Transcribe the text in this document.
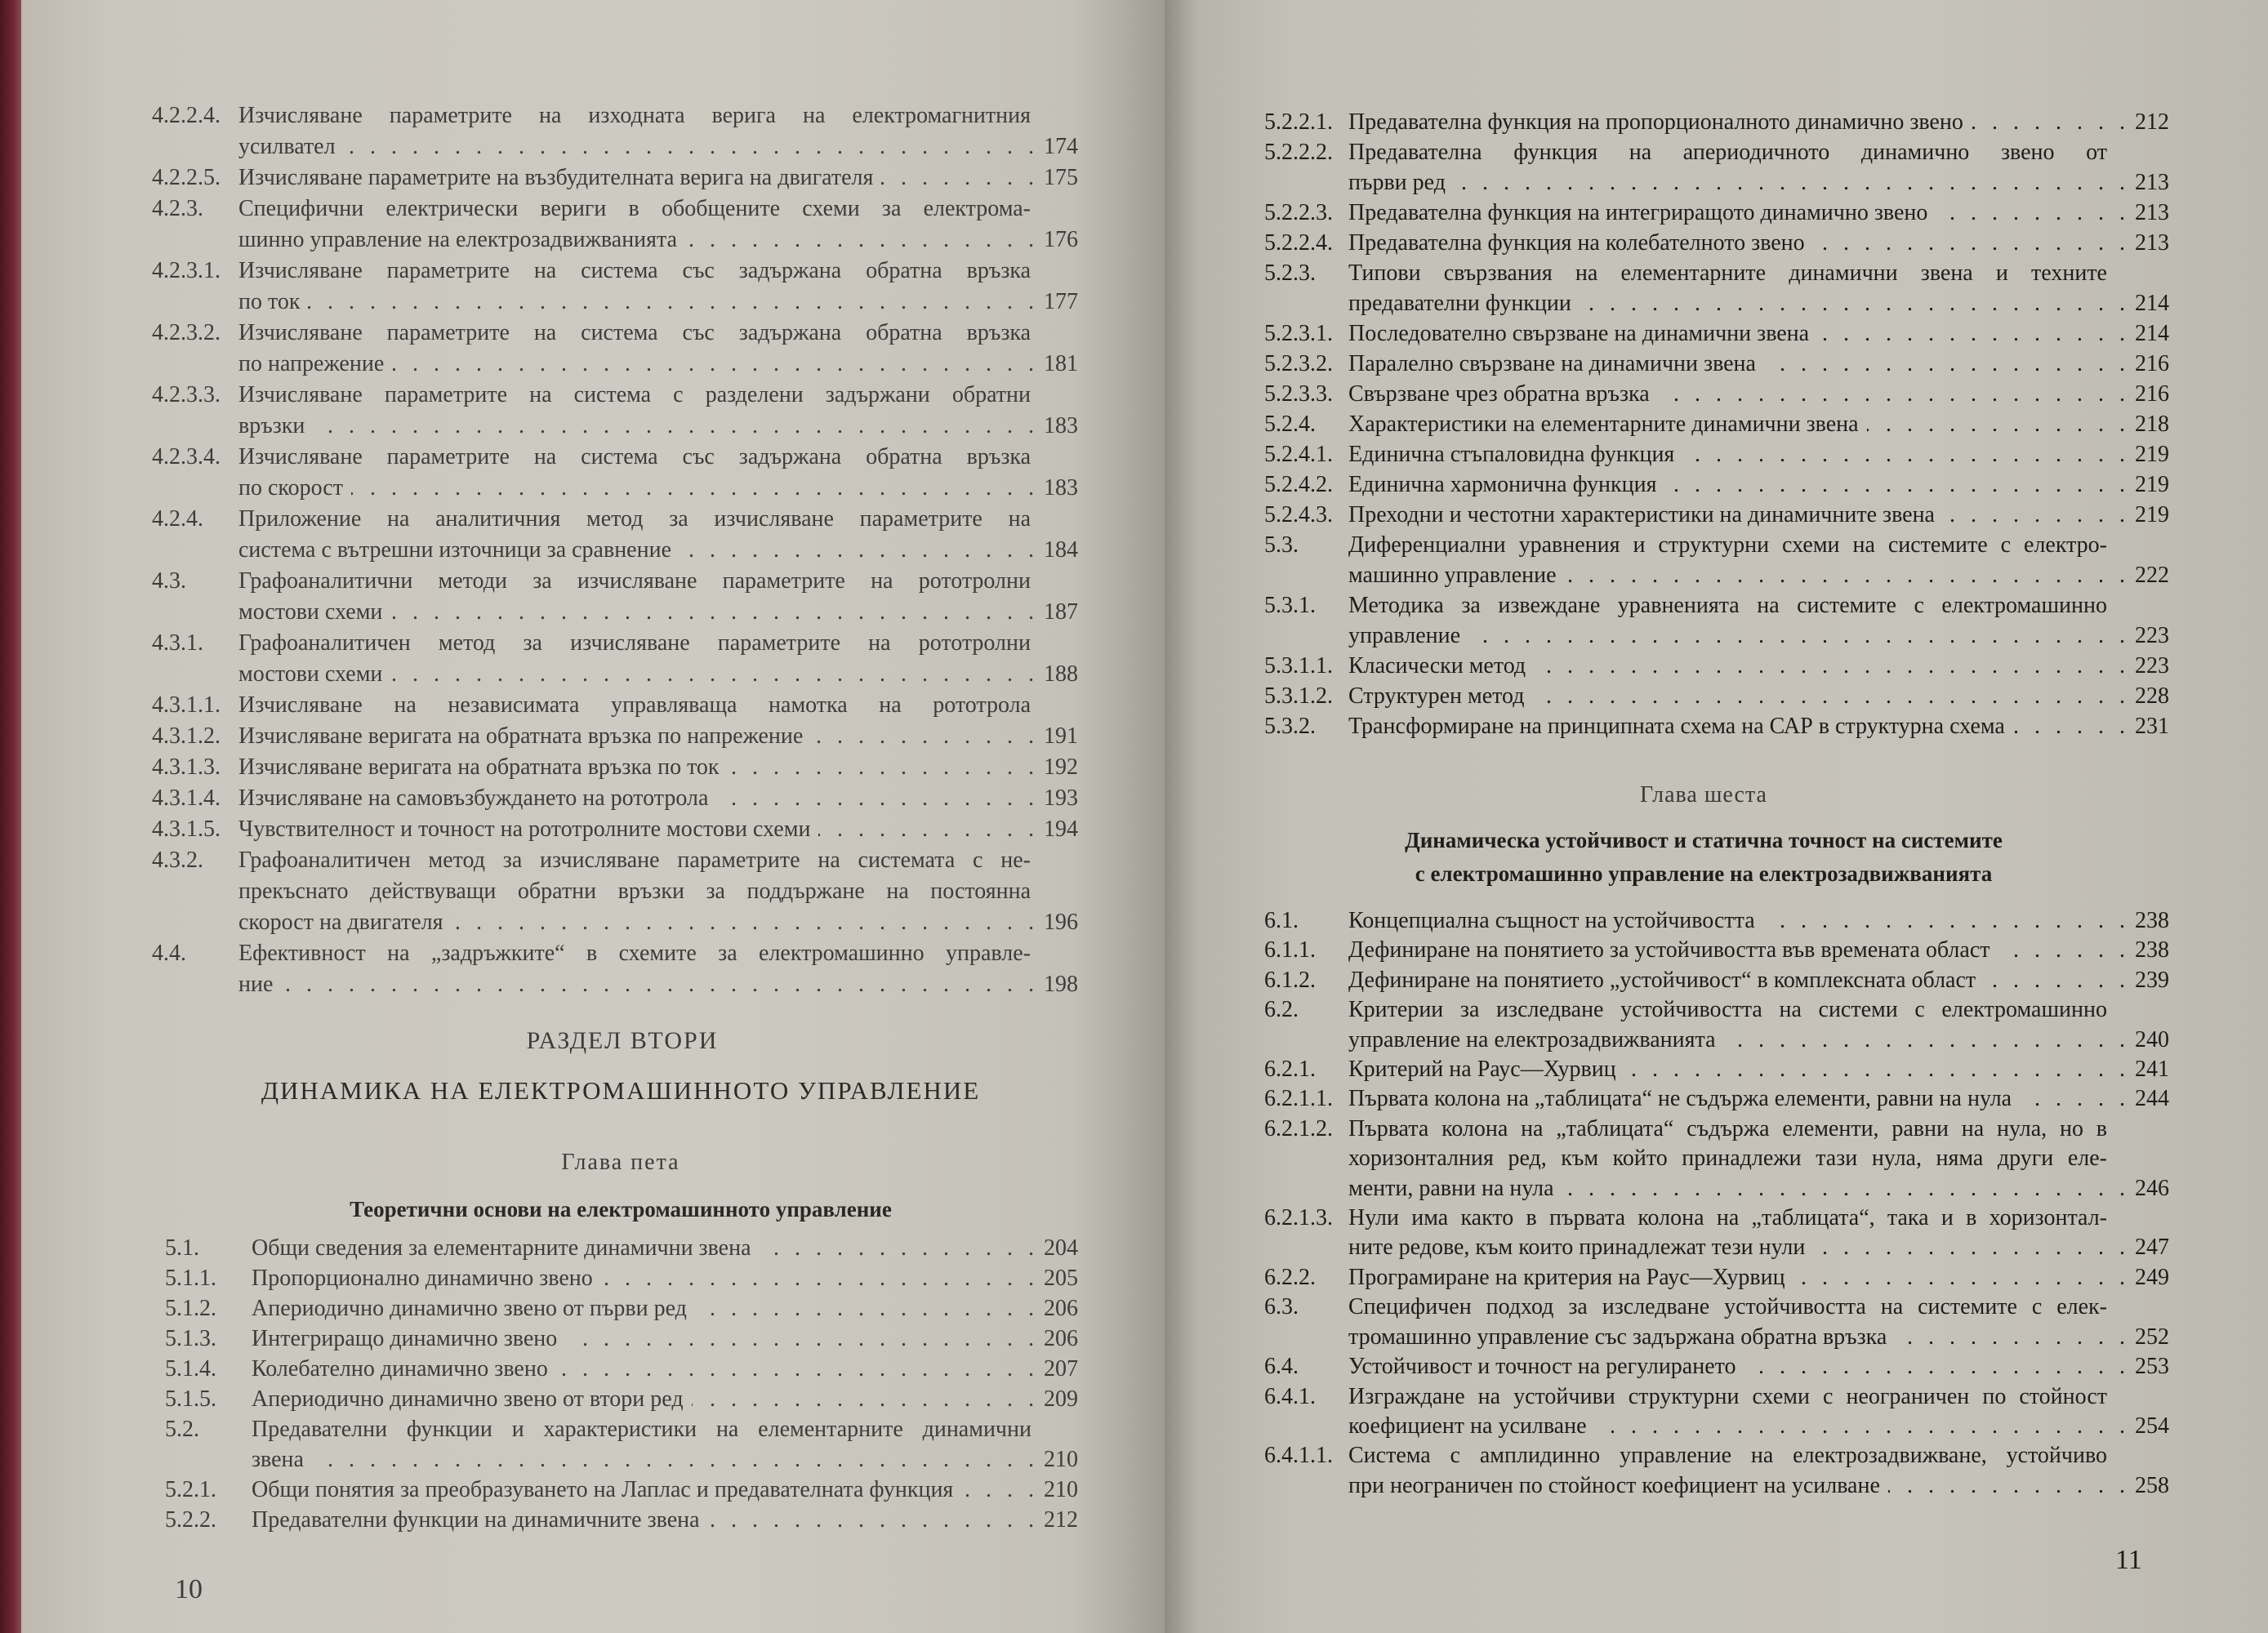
4.2.2.4. Изчисляване параметрите на изходната верига на електромагнитния
усилвател . . .	174
4.2.2.5. Изчисляване параметрите на възбудителната верига на двигателя . . .	175
4.2.3. Специфични електрически вериги в обобщените схеми за електрома-
шинно управление на електрозадвижванията . . .	176
4.2.3.1. Изчисляване параметрите на система със задържана обратна връзка
по ток . . .	177
4.2.3.2. Изчисляване параметрите на система със задържана обратна връзка
по напрежение . . .	181
4.2.3.3. Изчисляване параметрите на система с разделени задържани обратни
връзки . . .	183
4.2.3.4. Изчисляване параметрите на система със задържана обратна връзка
по скорост . . .	183
4.2.4. Приложение на аналитичния метод за изчисляване параметрите на
система с вътрешни източници за сравнение . . .	184
4.3. Графоаналитични методи за изчисляване параметрите на рототролни
мостови схеми . . .	187
4.3.1. Графоаналитичен метод за изчисляване параметрите на рототролни
мостови схеми . . .	188
4.3.1.1. Изчисляване на независимата управляваща намотка на рототрола
4.3.1.2. Изчисляване веригата на обратната връзка по напрежение . . .	191
4.3.1.3. Изчисляване веригата на обратната връзка по ток . . .	192
4.3.1.4. Изчисляване на самовъзбуждането на рототрола . . .	193
4.3.1.5. Чувствителност и точност на рототролните мостови схеми . . .	194
4.3.2. Графоаналитичен метод за изчисляване параметрите на системата с не-
прекъснато действуващи обратни връзки за поддържане на постоянна
скорост на двигателя . . .	196
4.4. Ефективност на „задръжките“ в схемите за електромашинно управле-
ние . . .	198
РАЗДЕЛ ВТОРИ
ДИНАМИКА НА ЕЛЕКТРОМАШИННОТО УПРАВЛЕНИЕ
Глава пета
Теоретични основи на електромашинното управление
5.1. Общи сведения за елементарните динамични звена . . .	204
5.1.1. Пропорционално динамично звено . . .	205
5.1.2. Апериодично динамично звено от първи ред . . .	206
5.1.3. Интегриращо динамично звено . . .	206
5.1.4. Колебателно динамично звено . . .	207
5.1.5. Апериодично динамично звено от втори ред . . .	209
5.2. Предавателни функции и характеристики на елементарните динамични
звена . . .	210
5.2.1. Общи понятия за преобразуването на Лаплас и предавателната функция . . .	210
5.2.2. Предавателни функции на динамичните звена . . .	212
10
5.2.2.1. Предавателна функция на пропорционалното динамично звено . . .	212
5.2.2.2. Предавателна функция на апериодичното динамично звено от
първи ред . . .	213
5.2.2.3. Предавателна функция на интегриращото динамично звено . . .	213
5.2.2.4. Предавателна функция на колебателното звено . . .	213
5.2.3. Типови свързвания на елементарните динамични звена и техните
предавателни функции . . .	214
5.2.3.1. Последователно свързване на динамични звена . . .	214
5.2.3.2. Паралелно свързване на динамични звена . . .	216
5.2.3.3. Свързване чрез обратна връзка . . .	216
5.2.4. Характеристики на елементарните динамични звена . . .	218
5.2.4.1. Единична стъпаловидна функция . . .	219
5.2.4.2. Единична хармонична функция . . .	219
5.2.4.3. Преходни и честотни характеристики на динамичните звена . . .	219
5.3. Диференциални уравнения и структурни схеми на системите с електро-
машинно управление . . .	222
5.3.1. Методика за извеждане уравненията на системите с електромашинно
управление . . .	223
5.3.1.1. Класически метод . . .	223
5.3.1.2. Структурен метод . . .	228
5.3.2. Трансформиране на принципната схема на САР в структурна схема . . .	231
Глава шеста
Динамическа устойчивост и статична точност на системите
с електромашинно управление на електрозадвижванията
6.1. Концепциална същност на устойчивостта . . .	238
6.1.1. Дефиниране на понятието за устойчивостта във времената област . . .	238
6.1.2. Дефиниране на понятието „устойчивост“ в комплексната област . . .	239
6.2. Критерии за изследване устойчивостта на системи с електромашинно
управление на електрозадвижванията . . .	240
6.2.1. Критерий на Раус—Хурвиц . . .	241
6.2.1.1. Първата колона на „таблицата“ не съдържа елементи, равни на нула . . .	244
6.2.1.2. Първата колона на „таблицата“ съдържа елементи, равни на нула, но в
хоризонталния ред, към който принадлежи тази нула, няма други еле-
менти, равни на нула . . .	246
6.2.1.3. Нули има както в първата колона на „таблицата“, така и в хоризонтал-
ните редове, към които принадлежат тези нули . . .	247
6.2.2. Програмиране на критерия на Раус—Хурвиц . . .	249
6.3. Специфичен подход за изследване устойчивостта на системите с елек-
тромашинно управление със задържана обратна връзка . . .	252
6.4. Устойчивост и точност на регулирането . . .	253
6.4.1. Изграждане на устойчиви структурни схеми с неограничен по стойност
коефициент на усилване . . .	254
6.4.1.1. Система с амплидинно управление на електрозадвижване, устойчиво
при неограничен по стойност коефициент на усилване . . .	258
11
